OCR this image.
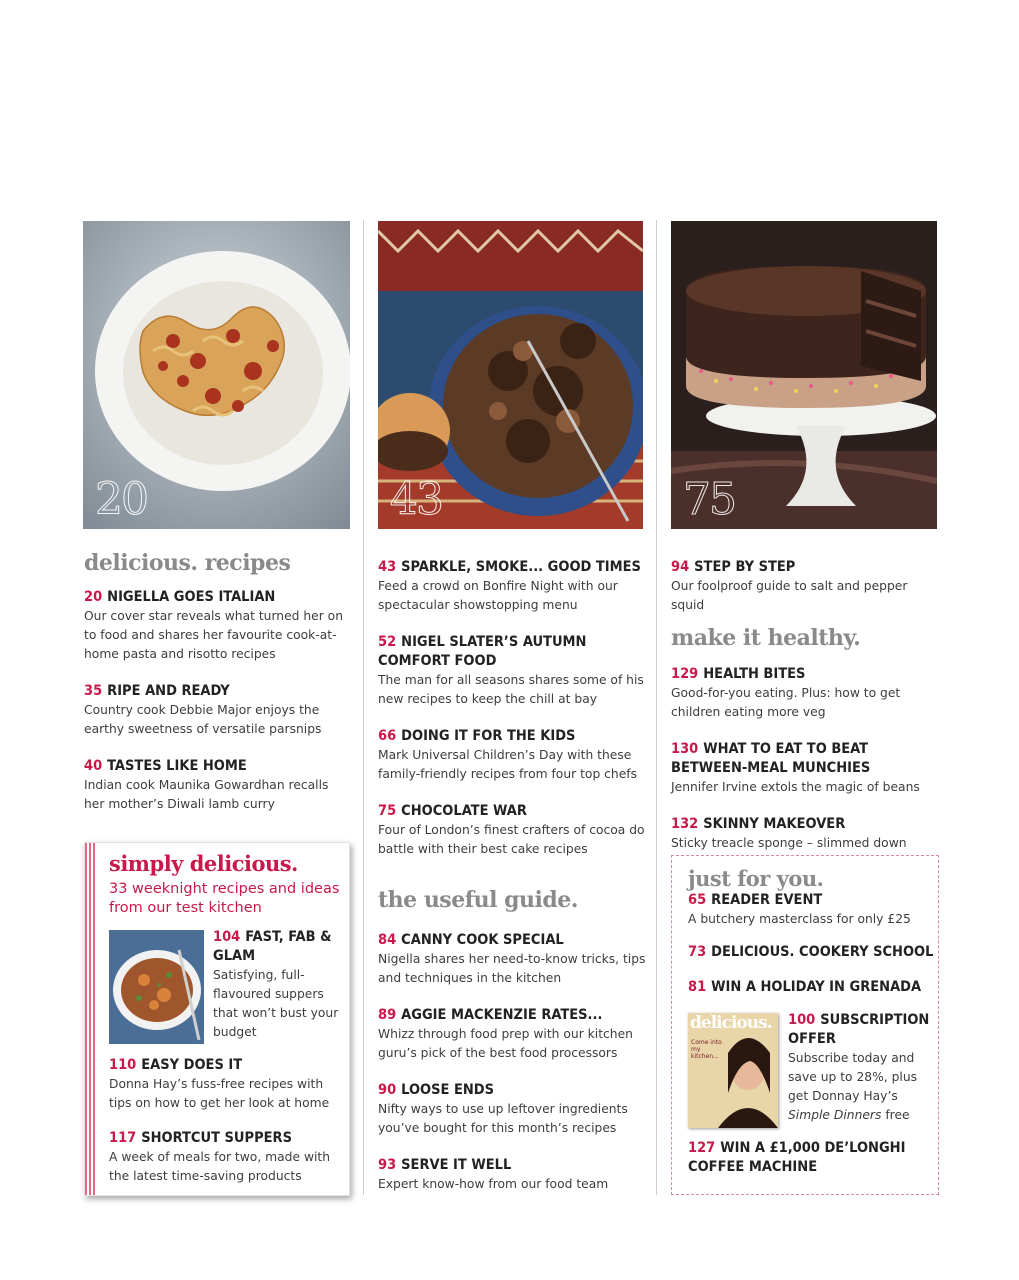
20	43	75
delicious. recipes
20 NIGELLA GOES ITALIAN
Our cover star reveals what turned her on to food and shares her favourite cook-at-home pasta and risotto recipes
35 RIPE AND READY
Country cook Debbie Major enjoys the earthy sweetness of versatile parsnips
40 TASTES LIKE HOME
Indian cook Maunika Gowardhan recalls her mother’s Diwali lamb curry
simply delicious.
33 weeknight recipes and ideas from our test kitchen
104 FAST, FAB & GLAM
Satisfying, full-flavoured suppers that won’t bust your budget
110 EASY DOES IT
Donna Hay’s fuss-free recipes with tips on how to get her look at home
117 SHORTCUT SUPPERS
A week of meals for two, made with the latest time-saving products
43 SPARKLE, SMOKE... GOOD TIMES
Feed a crowd on Bonfire Night with our spectacular showstopping menu
52 NIGEL SLATER’S AUTUMN COMFORT FOOD
The man for all seasons shares some of his new recipes to keep the chill at bay
66 DOING IT FOR THE KIDS
Mark Universal Children’s Day with these family-friendly recipes from four top chefs
75 CHOCOLATE WAR
Four of London’s finest crafters of cocoa do battle with their best cake recipes
the useful guide.
84 CANNY COOK SPECIAL
Nigella shares her need-to-know tricks, tips and techniques in the kitchen
89 AGGIE MACKENZIE RATES...
Whizz through food prep with our kitchen guru’s pick of the best food processors
90 LOOSE ENDS
Nifty ways to use up leftover ingredients you’ve bought for this month’s recipes
93 SERVE IT WELL
Expert know-how from our food team
94 STEP BY STEP
Our foolproof guide to salt and pepper squid
make it healthy.
129 HEALTH BITES
Good-for-you eating. Plus: how to get children eating more veg
130 WHAT TO EAT TO BEAT BETWEEN-MEAL MUNCHIES
Jennifer Irvine extols the magic of beans
132 SKINNY MAKEOVER
Sticky treacle sponge – slimmed down
just for you.
65 READER EVENT
A butchery masterclass for only £25
73 DELICIOUS. COOKERY SCHOOL
81 WIN A HOLIDAY IN GRENADA
delicious.
Come into my kitchen...
100 SUBSCRIPTION OFFER
Subscribe today and save up to 28%, plus get Donnay Hay’s Simple Dinners free
127 WIN A £1,000 DE’LONGHI COFFEE MACHINE
